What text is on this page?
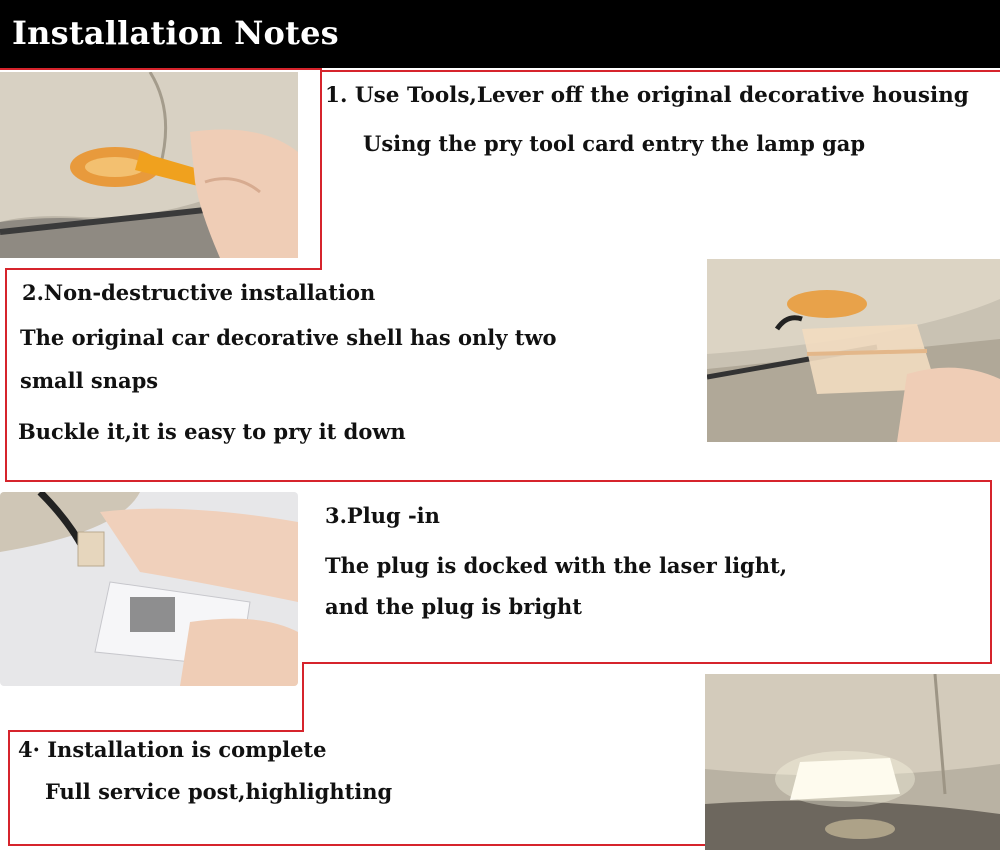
Installation Notes
1. Use Tools,Lever off the original decorative housing
Using the pry tool card entry the lamp gap
2.Non-destructive installation
The original car decorative shell has only two
small snaps
Buckle it,it is easy to pry it down
3.Plug -in
The plug is docked with the laser light,
and the plug is bright
4· Installation is complete
Full service post,highlighting
